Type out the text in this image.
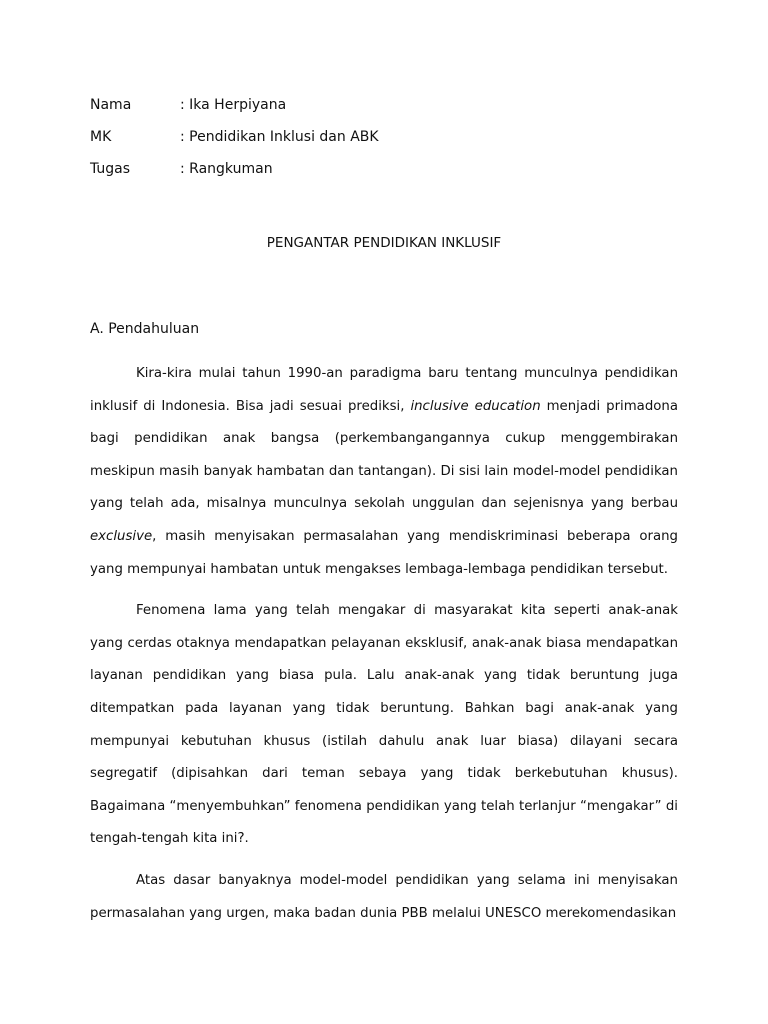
Nama	: Ika Herpiyana
MK	: Pendidikan Inklusi dan ABK
Tugas	: Rangkuman
PENGANTAR PENDIDIKAN INKLUSIF
A. Pendahuluan

Kira-kira mulai tahun 1990-an paradigma baru tentang munculnya pendidikan inklusif di Indonesia. Bisa jadi sesuai prediksi, inclusive education menjadi primadona bagi pendidikan anak bangsa (perkembangangannya cukup menggembirakan meskipun masih banyak hambatan dan tantangan). Di sisi lain model-model pendidikan yang telah ada, misalnya munculnya sekolah unggulan dan sejenisnya yang berbau exclusive, masih menyisakan permasalahan yang mendiskriminasi beberapa orang yang mempunyai hambatan untuk mengakses lembaga-lembaga pendidikan tersebut.

Fenomena lama yang telah mengakar di masyarakat kita seperti anak-anak yang cerdas otaknya mendapatkan pelayanan eksklusif, anak-anak biasa mendapatkan layanan pendidikan yang biasa pula. Lalu anak-anak yang tidak beruntung juga ditempatkan pada layanan yang tidak beruntung. Bahkan bagi anak-anak yang mempunyai kebutuhan khusus (istilah dahulu anak luar biasa) dilayani secara segregatif (dipisahkan dari teman sebaya yang tidak berkebutuhan khusus). Bagaimana “menyembuhkan” fenomena pendidikan yang telah terlanjur “mengakar” di tengah-tengah kita ini?.

Atas dasar banyaknya model-model pendidikan yang selama ini menyisakan permasalahan yang urgen, maka badan dunia PBB melalui UNESCO merekomendasikan
